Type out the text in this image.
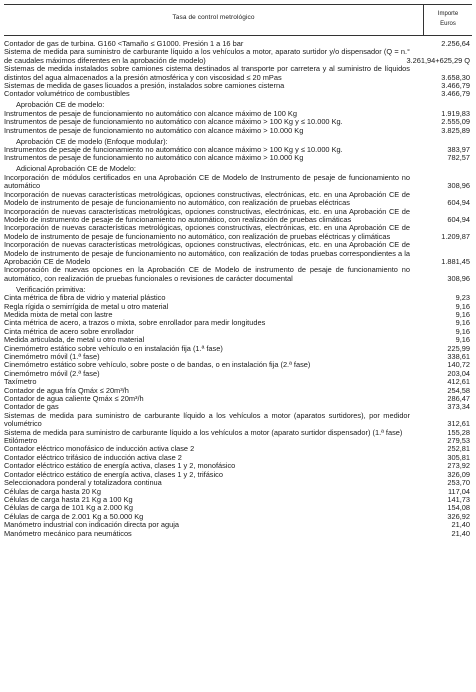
Tasa de control metrológico	Importe
Euros
Contador de gas de turbina. G160 <Tamaño ≤ G1000. Presión 1 a 16 bar	2.256,64
Sistema de medida para suministro de carburante líquido a los vehículos a motor, aparato surtidor y/o dispensador (Q = n.° de caudales máximos diferentes en la aprobación de modelo)	3.261,94+625,29 Q
Sistemas de medida instalados sobre camiones cisterna destinados al transporte por carretera y al suministro de líquidos distintos del agua almacenados a la presión atmosférica y con viscosidad ≤ 20 mPas	3.658,30
Sistemas de medida de gases licuados a presión, instalados sobre camiones cisterna	3.466,79
Contador volumétrico de combustibles	3.466,79
Aprobación CE de modelo:
Instrumentos de pesaje de funcionamiento no automático con alcance máximo de 100 Kg	1.919,83
Instrumentos de pesaje de funcionamiento no automático con alcance máximo > 100 Kg y ≤ 10.000 Kg.	2.555,09
Instrumentos de pesaje de funcionamiento no automático con alcance máximo > 10.000 Kg	3.825,89
Aprobación CE de modelo (Enfoque modular):
Instrumentos de pesaje de funcionamiento no automático con alcance máximo > 100 Kg y ≤ 10.000 Kg.	383,97
Instrumentos de pesaje de funcionamiento no automático con alcance máximo > 10.000 Kg	782,57
Adicional Aprobación CE de Modelo:
Incorporación de módulos certificados en una Aprobación CE de Modelo de Instrumento de pesaje de funcionamiento no automático	308,96
Incorporación de nuevas características metrológicas, opciones constructivas, electrónicas, etc. en una Aprobación CE de Modelo de instrumento de pesaje de funcionamiento no automático, con realización de pruebas eléctricas	604,94
Incorporación de nuevas características metrológicas, opciones constructivas, electrónicas, etc. en una Aprobación CE de Modelo de instrumento de pesaje de funcionamiento no automático, con realización de pruebas climáticas	604,94
Incorporación de nuevas características metrológicas, opciones constructivas, electrónicas, etc. en una Aprobación CE de Modelo de instrumento de pesaje de funcionamiento no automático, con realización de pruebas eléctricas y climáticas	1.209,87
Incorporación de nuevas características metrológicas, opciones constructivas, electrónicas, etc. en una Aprobación CE de Modelo de instrumento de pesaje de funcionamiento no automático, con realización de todas pruebas correspondientes a la Aprobación CE de Modelo	1.881,45
Incorporación de nuevas opciones en la Aprobación CE de Modelo de instrumento de pesaje de funcionamiento no automático, con realización de pruebas funcionales o revisiones de carácter documental	308,96
Verificación primitiva:
Cinta métrica de fibra de vidrio y material plástico	9,23
Regla rígida o semirrígida de metal u otro material	9,16
Medida mixta de metal con lastre	9,16
Cinta métrica de acero, a trazos o mixta, sobre enrollador para medir longitudes	9,16
Cinta métrica de acero sobre enrollador	9,16
Medida articulada, de metal u otro material	9,16
Cinemómetro estático sobre vehículo o en instalación fija (1.ª fase)	225,99
Cinemómetro móvil (1.ª fase)	338,61
Cinemómetro estático sobre vehículo, sobre poste o de bandas, o en instalación fija (2.ª fase)	140,72
Cinemómetro móvil (2.ª fase)	203,04
Taxímetro	412,61
Contador de agua fría Qmáx ≤ 20m³/h	254,58
Contador de agua caliente Qmáx ≤ 20m³/h	286,47
Contador de gas	373,34
Sistemas de medida para suministro de carburante líquido a los vehículos a motor (aparatos surtidores), por medidor volumétrico	312,61
Sistema de medida para suministro de carburante líquido a los vehículos a motor (aparato surtidor dispensador) (1.ª fase)	155,28
Etilómetro	279,53
Contador eléctrico monofásico de inducción activa clase 2	252,81
Contador eléctrico trifásico de inducción activa clase 2	305,81
Contador eléctrico estático de energía activa, clases 1 y 2, monofásico	273,92
Contador eléctrico estático de energía activa, clases 1 y 2, trifásico	326,09
Seleccionadora ponderal y totalizadora continua	253,70
Células de carga hasta 20 Kg	117,04
Células de carga hasta 21 Kg a 100 Kg	141,73
Células de carga de 101 Kg a 2.000 Kg	154,08
Células de carga de 2.001 Kg a 50.000 Kg	326,92
Manómetro industrial con indicación directa por aguja	21,40
Manómetro mecánico para neumáticos	21,40
